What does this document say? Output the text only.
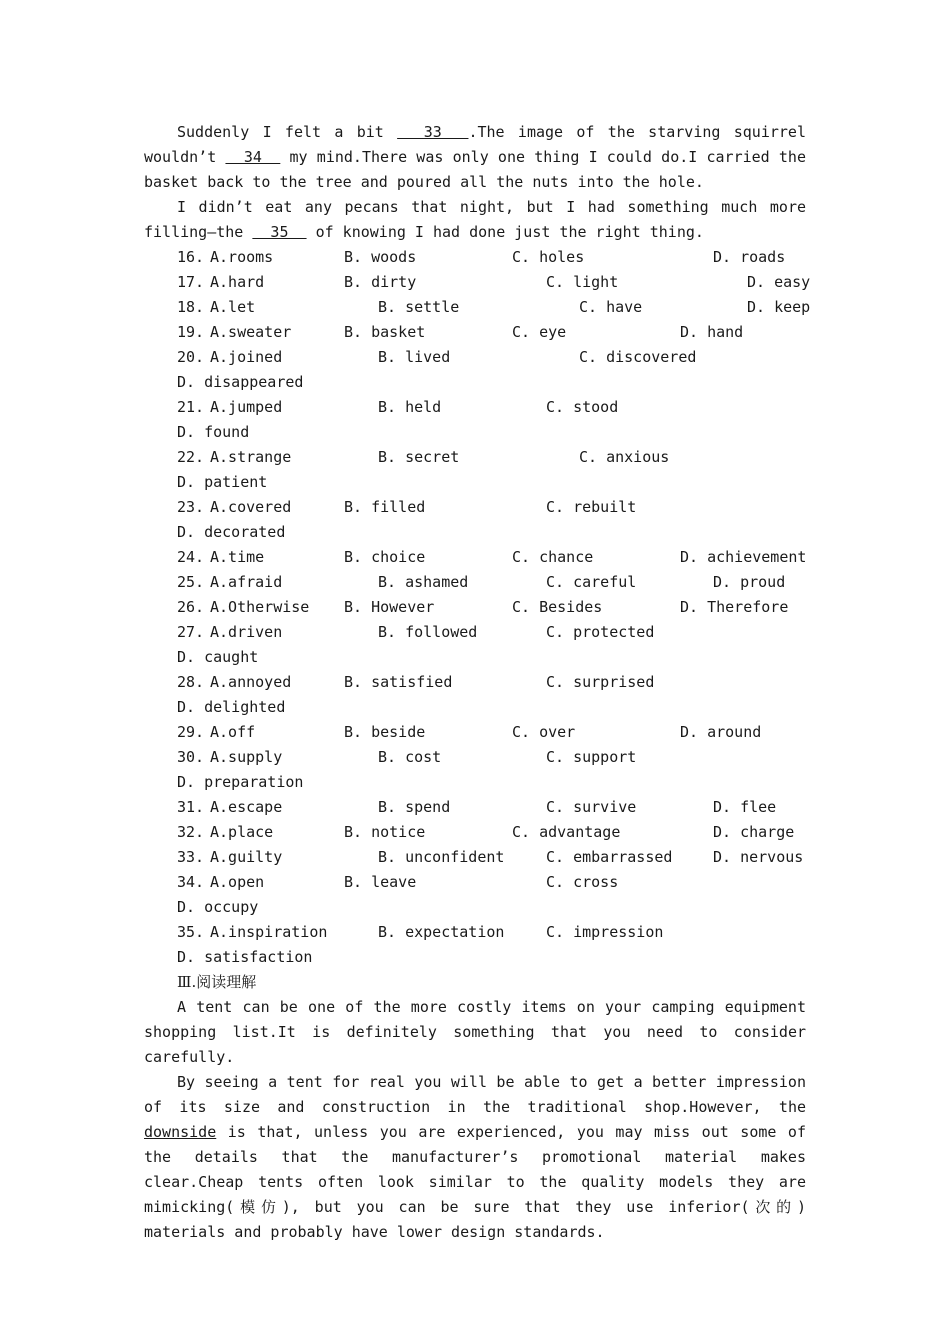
Suddenly I felt a bit   33  .The image of the starving squirrel wouldn’t   34   my mind.There was only one thing I could do.I carried the basket back to the tree and poured all the nuts into the hole.

I didn’t eat any pecans that night, but I had something much more filling—the   35   of knowing I had done just the right thing.

16. A.rooms	B. woods	C. holes	D. roads
17. A.hard	B. dirty	C. light	D. easy
18. A.let	B. settle	C. have	D. keep
19. A.sweater	B. basket	C. eye	D. hand
20. A.joined	B. lived	C. discovered
D. disappeared
21. A.jumped	B. held	C. stood
D. found
22. A.strange	B. secret	C. anxious
D. patient
23. A.covered	B. filled	C. rebuilt
D. decorated
24. A.time	B. choice	C. chance	D. achievement
25. A.afraid	B. ashamed	C. careful	D. proud
26. A.Otherwise B. However	C. Besides	D. Therefore
27. A.driven	B. followed	C. protected
D. caught
28. A.annoyed	B. satisfied	C. surprised
D. delighted
29. A.off	B. beside	C. over	D. around
30. A.supply	B. cost	C. support
D. preparation
31. A.escape	B. spend	C. survive	D. flee
32. A.place	B. notice	C. advantage	D. charge
33. A.guilty	B. unconfident	C. embarrassed	D. nervous
34. A.open	B. leave	C. cross
D. occupy
35. A.inspiration	B. expectation	C. impression
D. satisfaction
Ⅲ.阅读理解

A tent can be one of the more costly items on your camping equipment shopping list.It is definitely something that you need to consider carefully.

By seeing a tent for real you will be able to get a better impression of its size and construction in the traditional shop.However, the downside is that, unless you are experienced, you may miss out some of the details that the manufacturer’s promotional material makes clear.Cheap tents often look similar to the quality models they are mimicking(模仿), but you can be sure that they use inferior(次的) materials and probably have lower design standards.
